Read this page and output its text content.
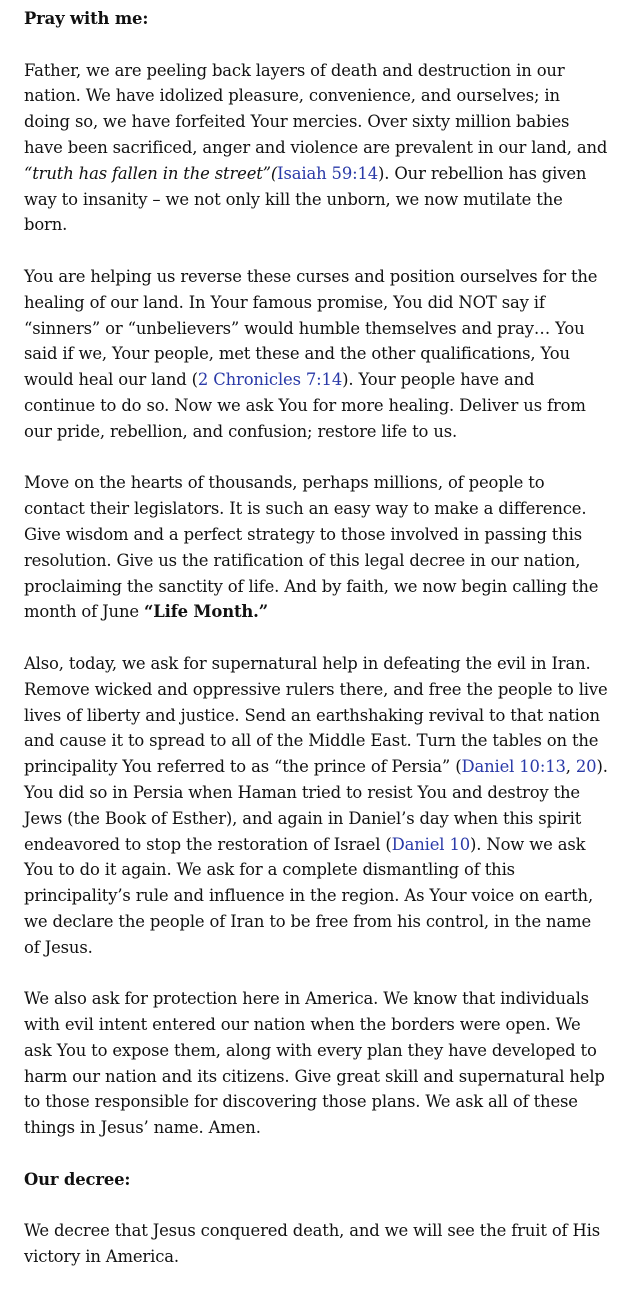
Pray with me:

Father, we are peeling back layers of death and destruction in our nation. We have idolized pleasure, convenience, and ourselves; in doing so, we have forfeited Your mercies. Over sixty million babies have been sacrificed, anger and violence are prevalent in our land, and “truth has fallen in the street”(Isaiah 59:14). Our rebellion has given way to insanity – we not only kill the unborn, we now mutilate the born.

You are helping us reverse these curses and position ourselves for the healing of our land. In Your famous promise, You did NOT say if “sinners” or “unbelievers” would humble themselves and pray… You said if we, Your people, met these and the other qualifications, You would heal our land (2 Chronicles 7:14). Your people have and continue to do so. Now we ask You for more healing. Deliver us from our pride, rebellion, and confusion; restore life to us.

Move on the hearts of thousands, perhaps millions, of people to contact their legislators. It is such an easy way to make a difference. Give wisdom and a perfect strategy to those involved in passing this resolution. Give us the ratification of this legal decree in our nation, proclaiming the sanctity of life. And by faith, we now begin calling the month of June “Life Month.”

Also, today, we ask for supernatural help in defeating the evil in Iran. Remove wicked and oppressive rulers there, and free the people to live lives of liberty and justice. Send an earthshaking revival to that nation and cause it to spread to all of the Middle East. Turn the tables on the principality You referred to as “the prince of Persia” (Daniel 10:13, 20). You did so in Persia when Haman tried to resist You and destroy the Jews (the Book of Esther), and again in Daniel’s day when this spirit endeavored to stop the restoration of Israel (Daniel 10). Now we ask You to do it again. We ask for a complete dismantling of this principality’s rule and influence in the region. As Your voice on earth, we declare the people of Iran to be free from his control, in the name of Jesus.

We also ask for protection here in America. We know that individuals with evil intent entered our nation when the borders were open. We ask You to expose them, along with every plan they have developed to harm our nation and its citizens. Give great skill and supernatural help to those responsible for discovering those plans. We ask all of these things in Jesus’ name. Amen.

Our decree:

We decree that Jesus conquered death, and we will see the fruit of His victory in America.
